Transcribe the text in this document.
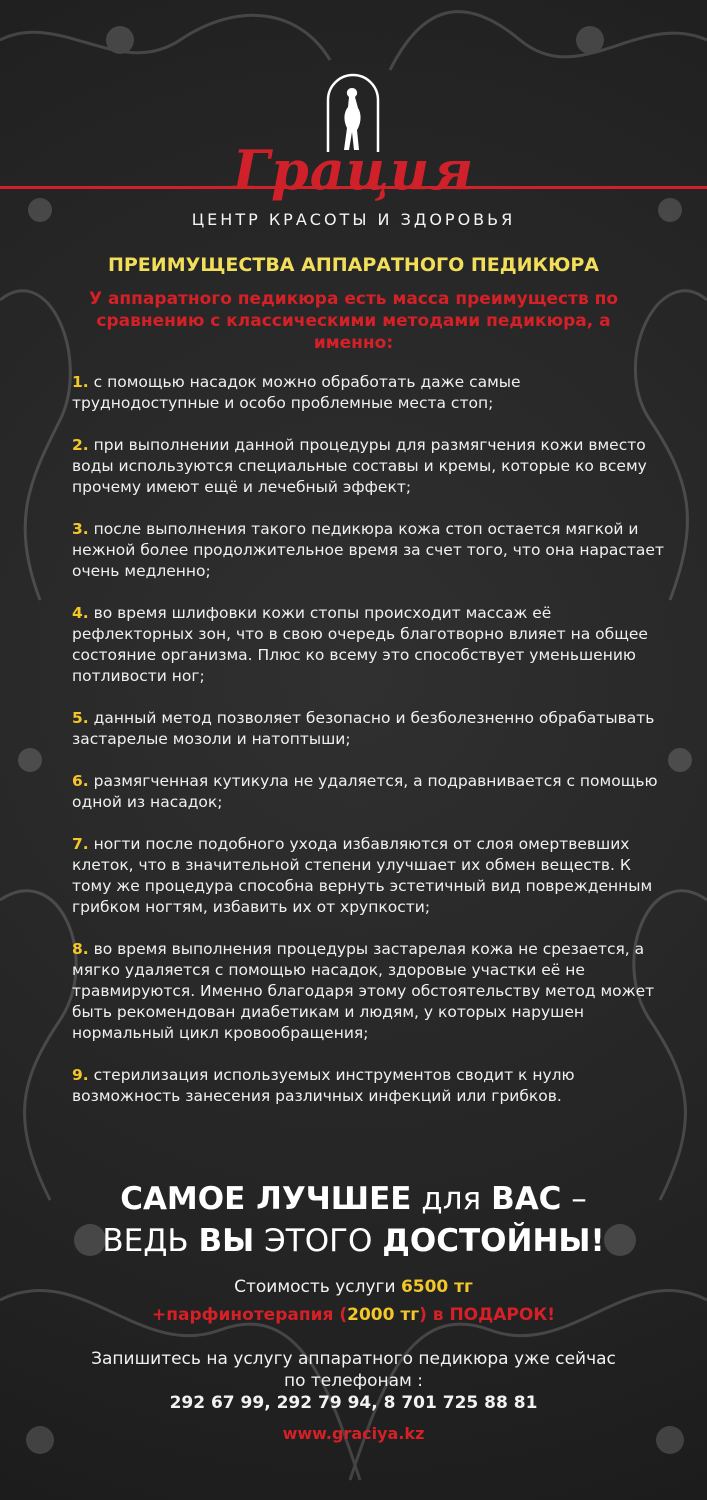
Грация
ЦЕНТР КРАСОТЫ И ЗДОРОВЬЯ
ПРЕИМУЩЕСТВА АППАРАТНОГО ПЕДИКЮРА
У аппаратного педикюра есть масса преимуществ по сравнению с классическими методами педикюра, а именно:
1. с помощью насадок можно обработать даже самые труднодоступные и особо проблемные места стоп;
2. при выполнении данной процедуры для размягчения кожи вместо воды используются специальные составы и кремы, которые ко всему прочему имеют ещё и лечебный эффект;
3. после выполнения такого педикюра кожа стоп остается мягкой и нежной более продолжительное время за счет того, что она нарастает очень медленно;
4. во время шлифовки кожи стопы происходит массаж её рефлекторных зон, что в свою очередь благотворно влияет на общее состояние организма. Плюс ко всему это способствует уменьшению потливости ног;
5. данный метод позволяет безопасно и безболезненно обрабатывать застарелые мозоли и натоптыши;
6. размягченная кутикула не удаляется, а подравнивается с помощью одной из насадок;
7. ногти после подобного ухода избавляются от слоя омертвевших клеток, что в значительной степени улучшает их обмен веществ. К тому же процедура способна вернуть эстетичный вид поврежденным грибком ногтям, избавить их от хрупкости;
8. во время выполнения процедуры застарелая кожа не срезается, а мягко удаляется с помощью насадок, здоровые участки её не травмируются. Именно благодаря этому обстоятельству метод может быть рекомендован диабетикам и людям, у которых нарушен нормальный цикл кровообращения;
9. стерилизация используемых инструментов сводит к нулю возможность занесения различных инфекций или грибков.
САМОЕ ЛУЧШЕЕ для ВАС –
ВЕДЬ ВЫ ЭТОГО ДОСТОЙНЫ!
Стоимость услуги 6500 тг
+парфинотерапия (2000 тг) в ПОДАРОК!
Запишитесь на услугу аппаратного педикюра уже сейчас
по телефонам :
292 67 99, 292 79 94, 8 701 725 88 81
www.graciya.kz
